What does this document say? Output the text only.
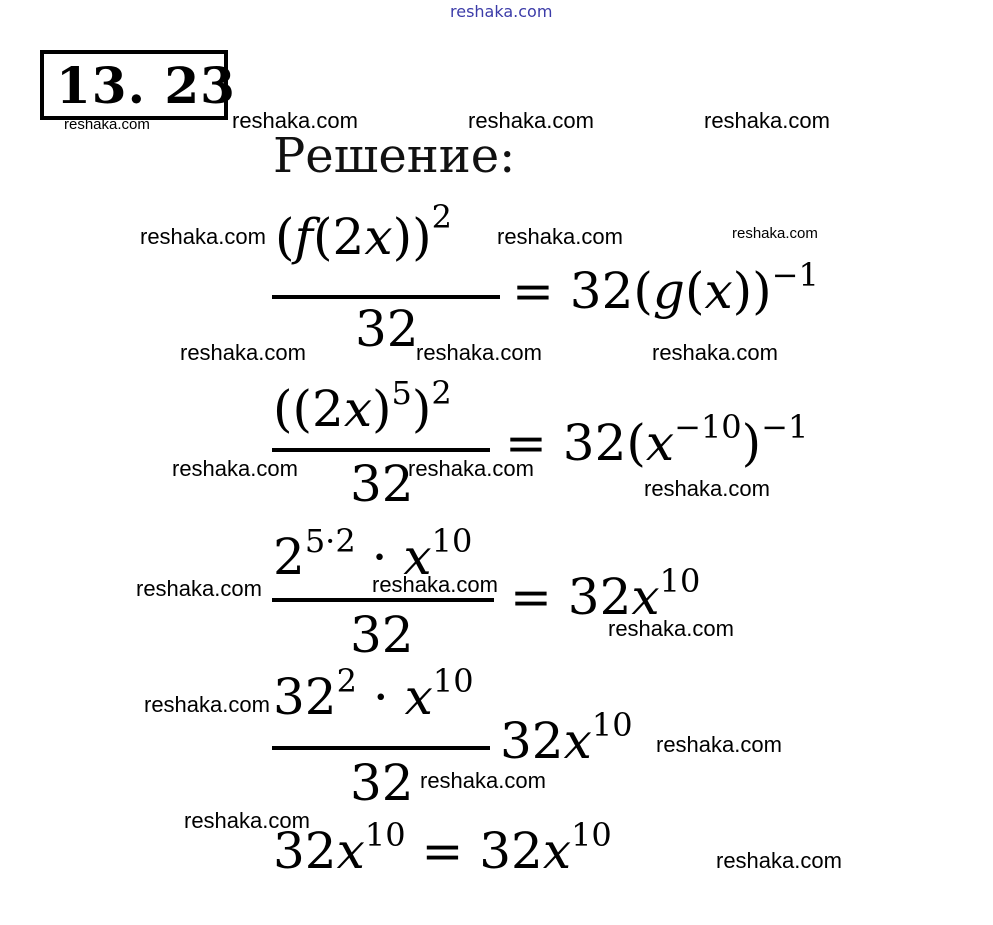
reshaka.com
13. 23
reshaka.com
Решение:
$(f(2x))^2$
32
= $32(g(x))^{-1}$
$((2x)^5)^2$
32
= $32(x^{-10})^{-1}$
$2^{5\cdot 2} \cdot x^{10}$
32
= $32x^{10}$
$32^2 \cdot x^{10}$
32
$32x^{10}$
$32x^{10} = 32x^{10}$
reshaka.com	reshaka.com	reshaka.com
reshaka.com	reshaka.com	reshaka.com
reshaka.com	reshaka.com	reshaka.com
reshaka.com	reshaka.com
reshaka.com
reshaka.com	reshaka.com
reshaka.com
reshaka.com
reshaka.com
reshaka.com
reshaka.com
reshaka.com
